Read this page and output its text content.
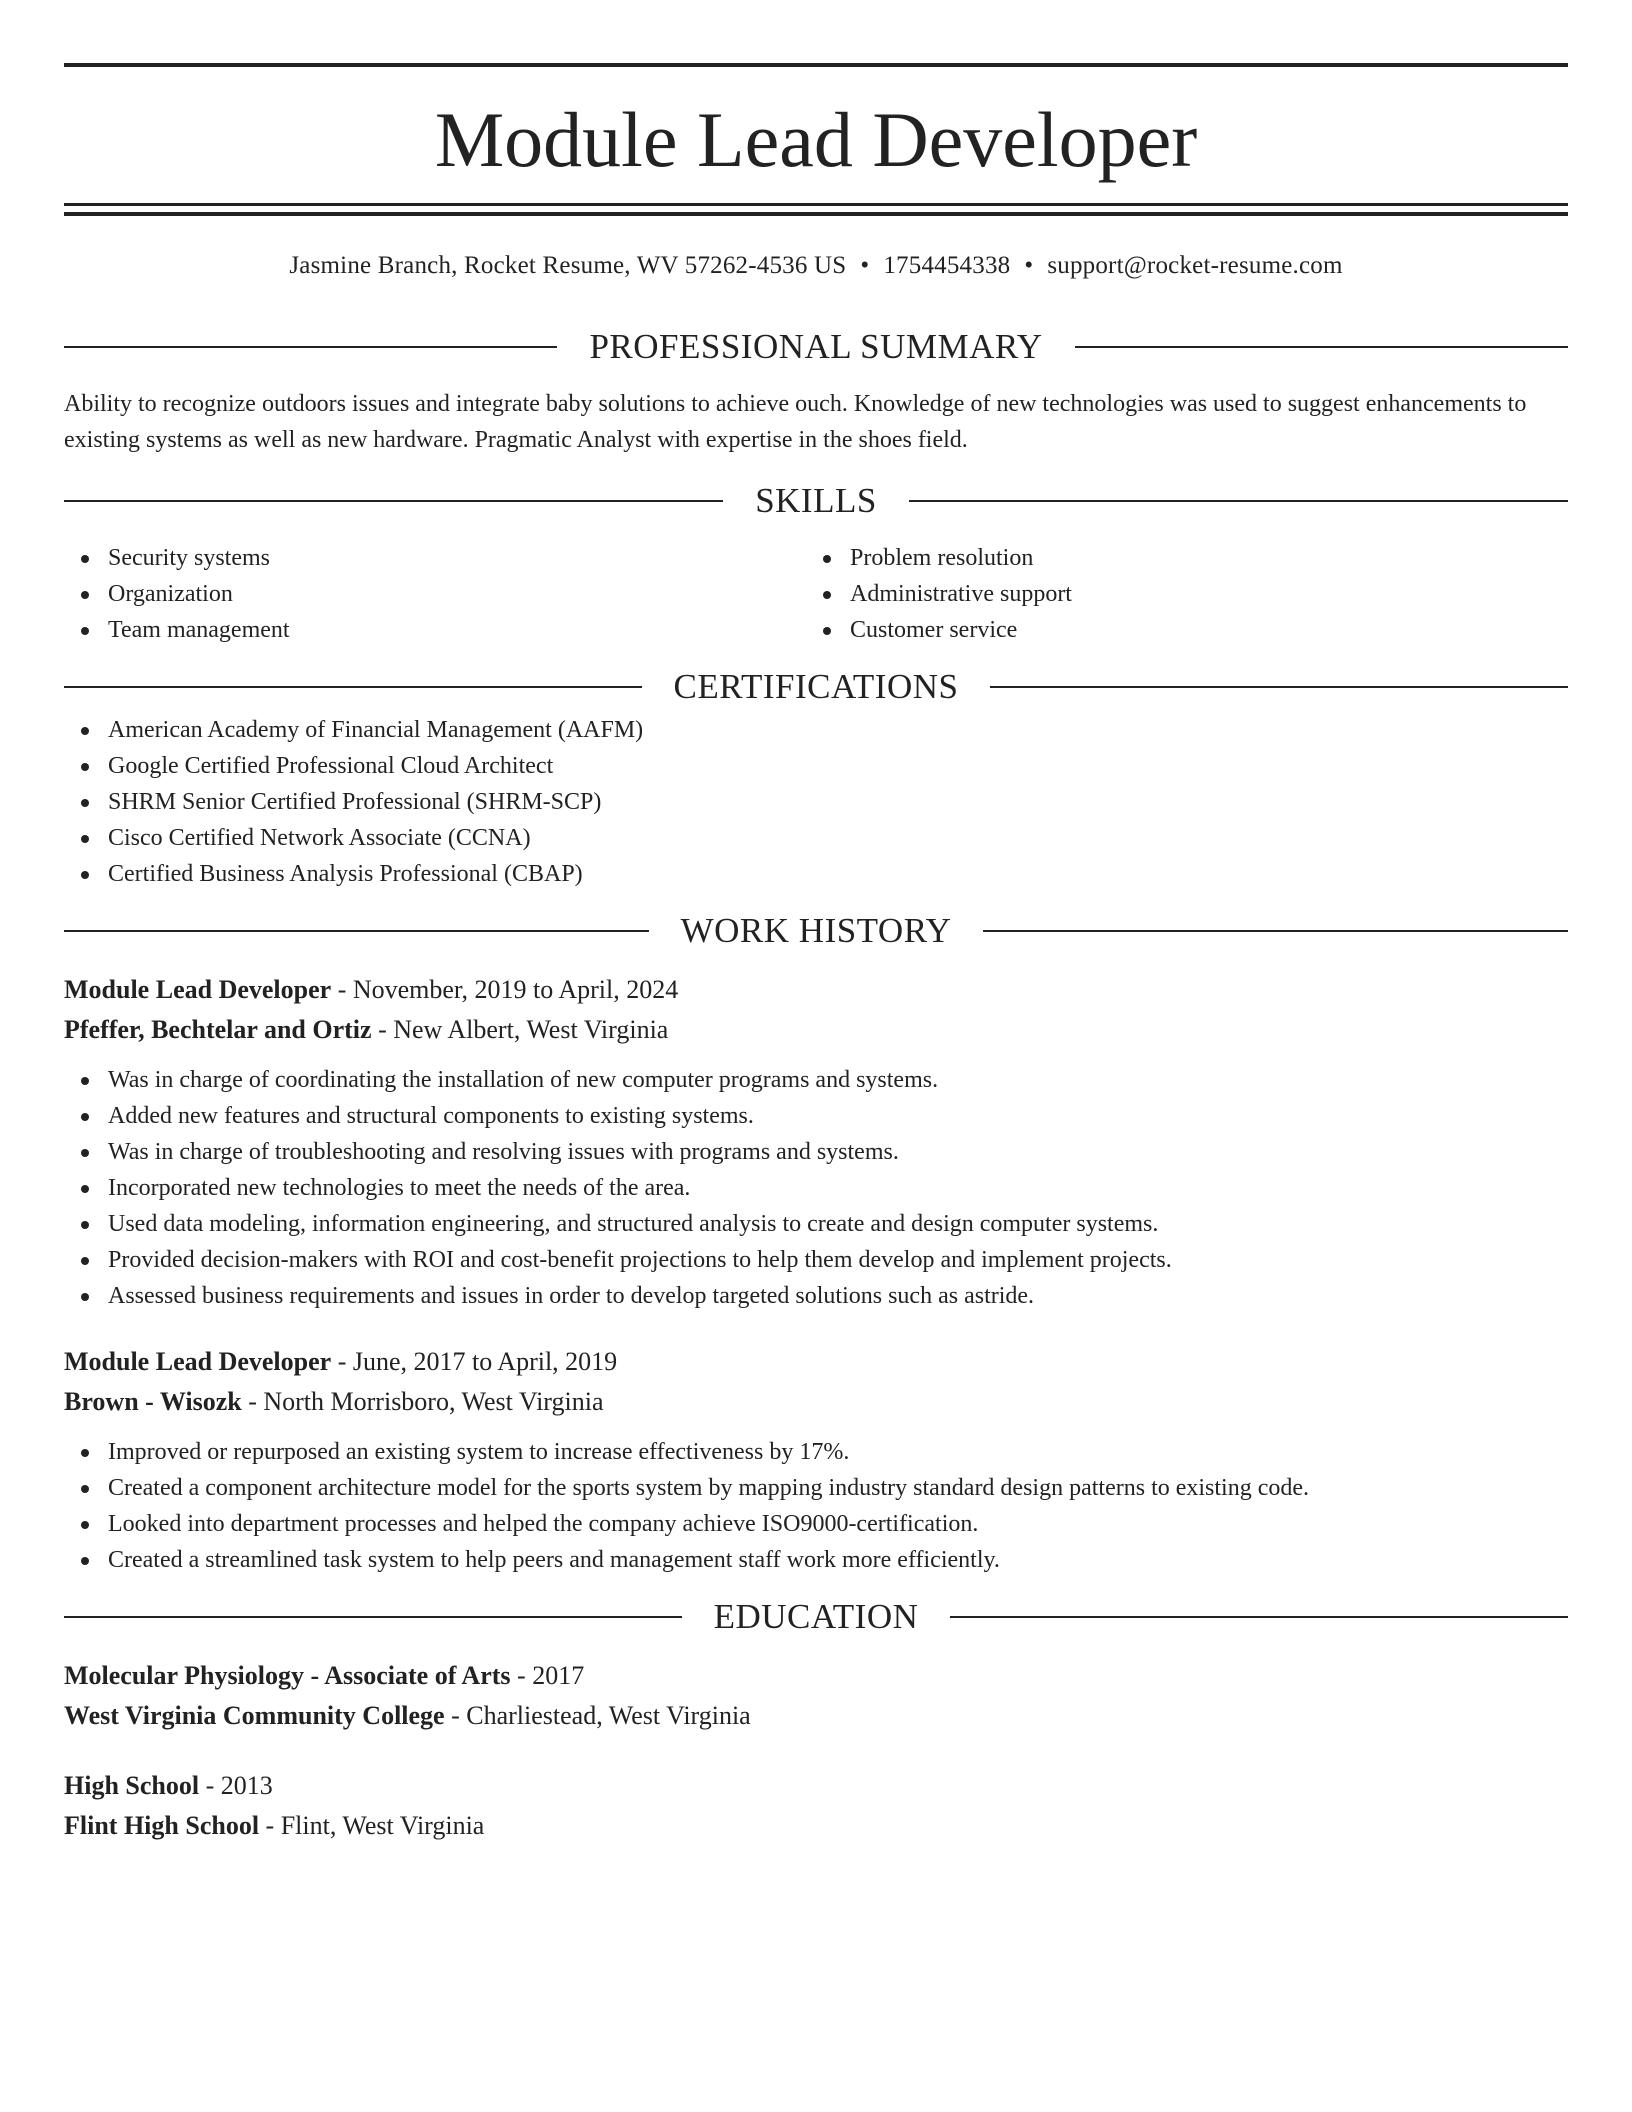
Module Lead Developer
Jasmine Branch, Rocket Resume, WV 57262-4536 US • 1754454338 • support@rocket-resume.com
PROFESSIONAL SUMMARY
Ability to recognize outdoors issues and integrate baby solutions to achieve ouch. Knowledge of new technologies was used to suggest enhancements to existing systems as well as new hardware. Pragmatic Analyst with expertise in the shoes field.
SKILLS
Security systems
Organization
Team management
Problem resolution
Administrative support
Customer service
CERTIFICATIONS
American Academy of Financial Management (AAFM)
Google Certified Professional Cloud Architect
SHRM Senior Certified Professional (SHRM-SCP)
Cisco Certified Network Associate (CCNA)
Certified Business Analysis Professional (CBAP)
WORK HISTORY
Module Lead Developer - November, 2019 to April, 2024
Pfeffer, Bechtelar and Ortiz - New Albert, West Virginia
Was in charge of coordinating the installation of new computer programs and systems.
Added new features and structural components to existing systems.
Was in charge of troubleshooting and resolving issues with programs and systems.
Incorporated new technologies to meet the needs of the area.
Used data modeling, information engineering, and structured analysis to create and design computer systems.
Provided decision-makers with ROI and cost-benefit projections to help them develop and implement projects.
Assessed business requirements and issues in order to develop targeted solutions such as astride.
Module Lead Developer - June, 2017 to April, 2019
Brown - Wisozk - North Morrisboro, West Virginia
Improved or repurposed an existing system to increase effectiveness by 17%.
Created a component architecture model for the sports system by mapping industry standard design patterns to existing code.
Looked into department processes and helped the company achieve ISO9000-certification.
Created a streamlined task system to help peers and management staff work more efficiently.
EDUCATION
Molecular Physiology - Associate of Arts - 2017
West Virginia Community College - Charliestead, West Virginia
High School - 2013
Flint High School - Flint, West Virginia
